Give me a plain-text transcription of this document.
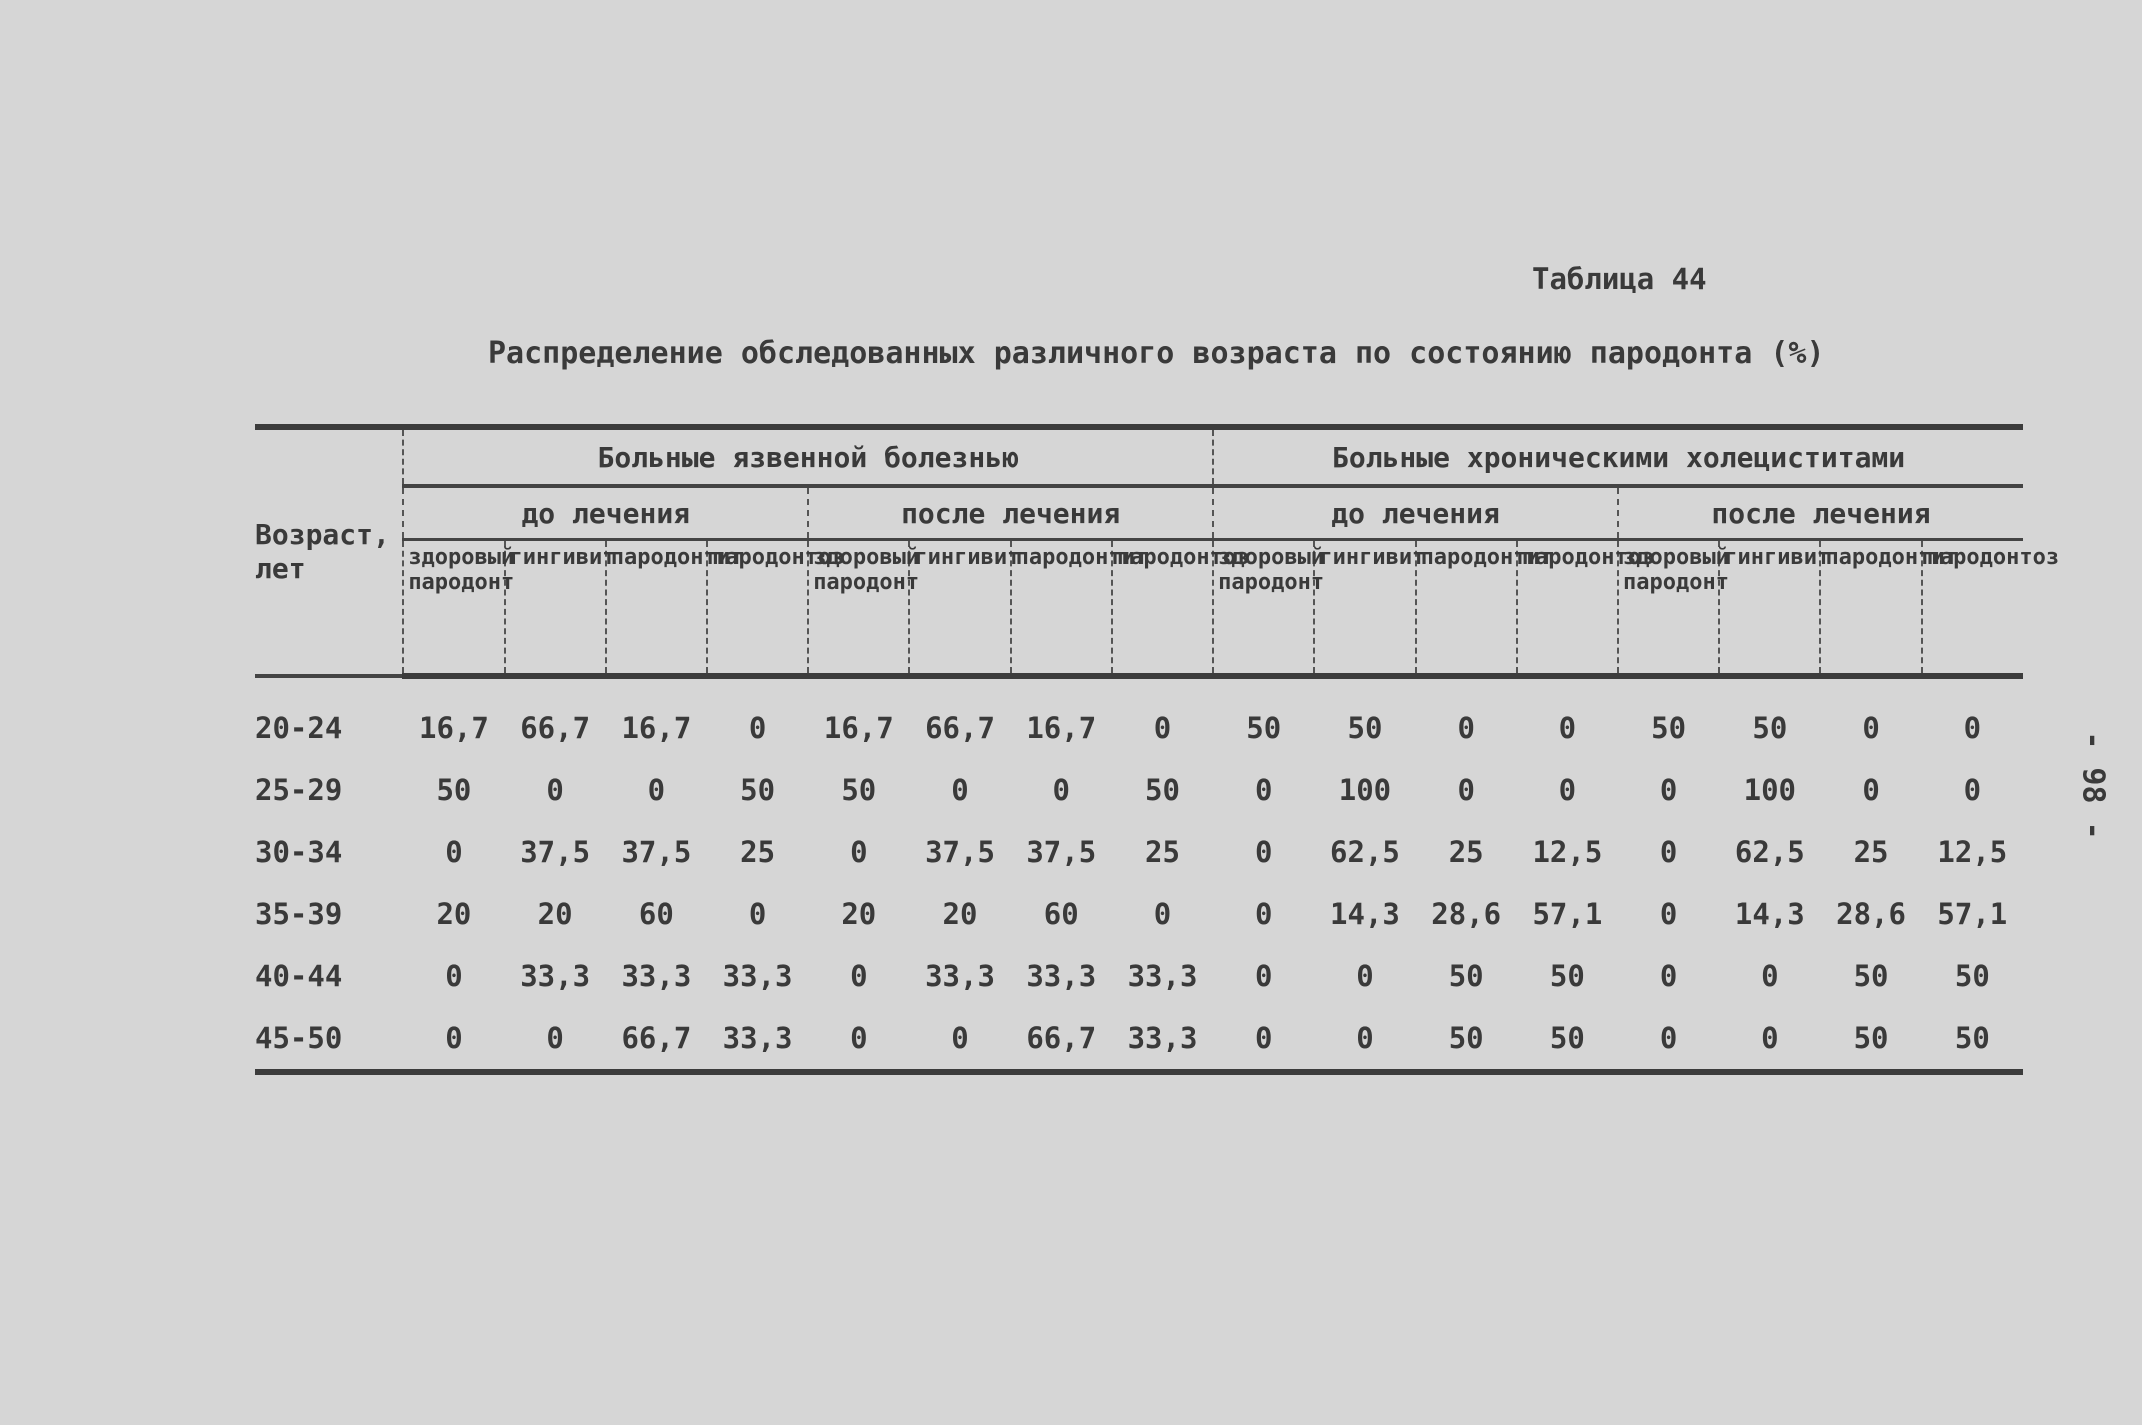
Таблица 44
Распределение обследованных различного возраста по состоянию пародонта (%)
- 98 -
Возраст,
лет	Больные язвенной болезнью								Больные хроническими холециститами							
	до лечения				после лечения				до лечения				после лечения			
	здоровый
пародонт	гингивит	пародонтит	пародонтоз	здоровый
пародонт	гингивит	пародонтит	пародонтоз	здоровый
пародонт	гингивит	пародонтит	пародонтоз	здоровый
пародонт	гингивит	пародонтит	пародонтоз
20-24	16,7	66,7	16,7	0	16,7	66,7	16,7	0	50	50	0	0	50	50	0	0
25-29	50	0	0	50	50	0	0	50	0	100	0	0	0	100	0	0
30-34	0	37,5	37,5	25	0	37,5	37,5	25	0	62,5	25	12,5	0	62,5	25	12,5
35-39	20	20	60	0	20	20	60	0	0	14,3	28,6	57,1	0	14,3	28,6	57,1
40-44	0	33,3	33,3	33,3	0	33,3	33,3	33,3	0	0	50	50	0	0	50	50
45-50	0	0	66,7	33,3	0	0	66,7	33,3	0	0	50	50	0	0	50	50
